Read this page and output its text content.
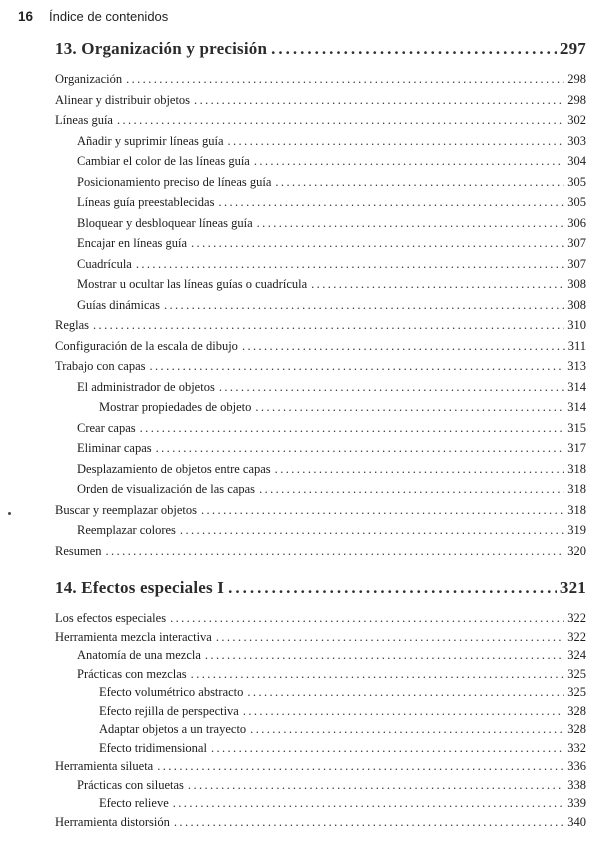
16 Índice de contenidos
13. Organización y precisión .....	297
Organización .....	298
Alinear y distribuir objetos .....	298
Líneas guía .....	302
Añadir y suprimir líneas guía .....	303
Cambiar el color de las líneas guía .....	304
Posicionamiento preciso de líneas guía .....	305
Líneas guía preestablecidas .....	305
Bloquear y desbloquear líneas guía .....	306
Encajar en líneas guía .....	307
Cuadrícula .....	307
Mostrar u ocultar las líneas guías o cuadrícula .....	308
Guías dinámicas .....	308
Reglas .....	310
Configuración de la escala de dibujo .....	311
Trabajo con capas .....	313
El administrador de objetos .....	314
Mostrar propiedades de objeto .....	314
Crear capas .....	315
Eliminar capas .....	317
Desplazamiento de objetos entre capas .....	318
Orden de visualización de las capas .....	318
Buscar y reemplazar objetos .....	318
Reemplazar colores .....	319
Resumen .....	320
14. Efectos especiales I .....	321
Los efectos especiales .....	322
Herramienta mezcla interactiva .....	322
Anatomía de una mezcla .....	324
Prácticas con mezclas .....	325
Efecto volumétrico abstracto .....	325
Efecto rejilla de perspectiva .....	328
Adaptar objetos a un trayecto .....	328
Efecto tridimensional .....	332
Herramienta silueta .....	336
Prácticas con siluetas .....	338
Efecto relieve .....	339
Herramienta distorsión .....	340
